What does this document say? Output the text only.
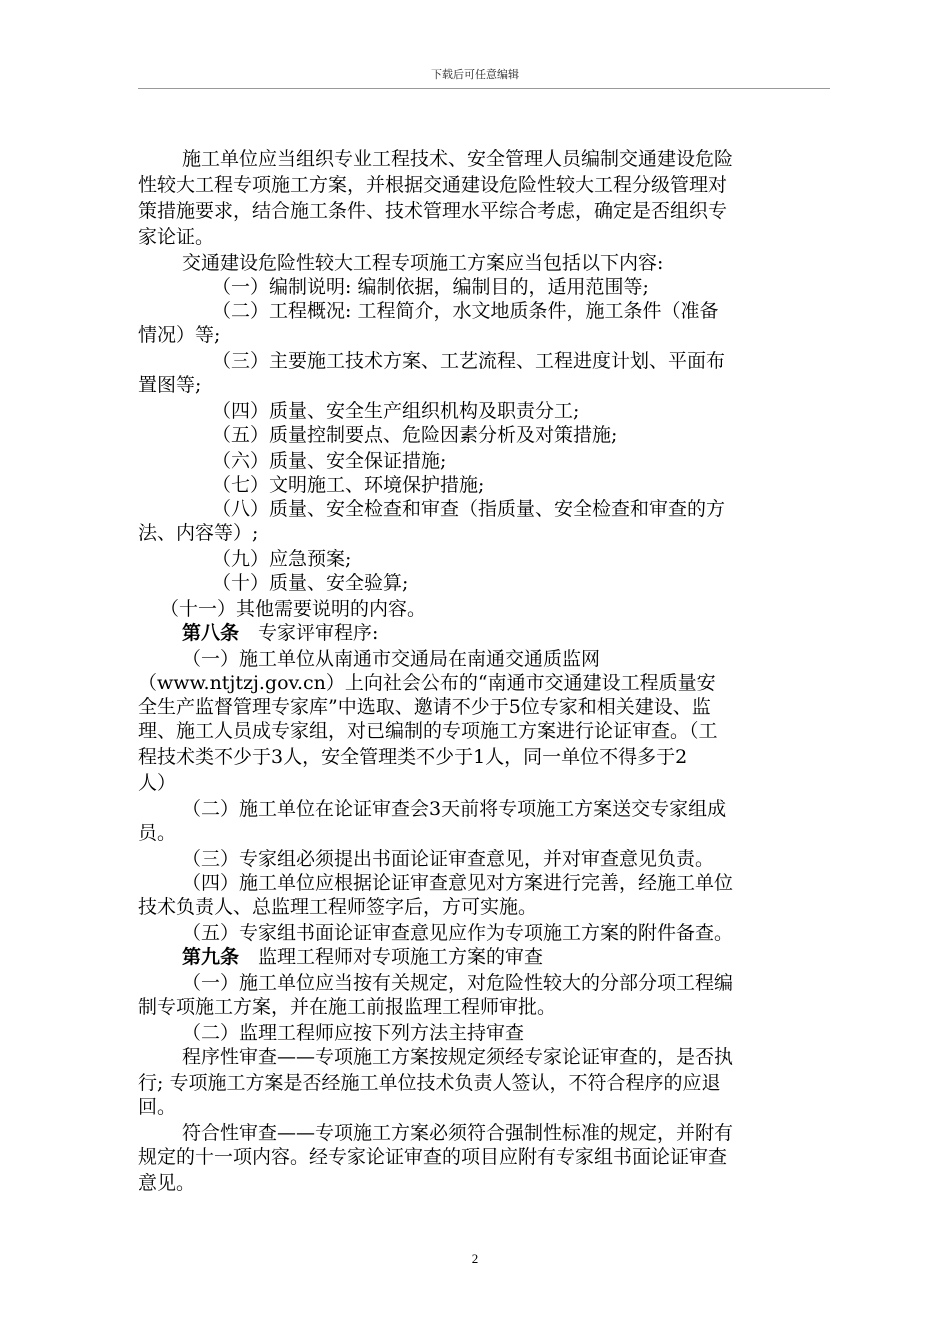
下载后可任意编辑
施工单位应当组织专业工程技术、安全管理人员编制交通建设危险
性较大工程专项施工方案，并根据交通建设危险性较大工程分级管理对
策措施要求，结合施工条件、技术管理水平综合考虑，确定是否组织专
家论证。
交通建设危险性较大工程专项施工方案应当包括以下内容:
（一）编制说明: 编制依据，编制目的，适用范围等;
（二）工程概况: 工程简介，水文地质条件，施工条件（准备
情况）等;
（三）主要施工技术方案、工艺流程、工程进度计划、平面布
置图等;
（四）质量、安全生产组织机构及职责分工;
（五）质量控制要点、危险因素分析及对策措施;
（六）质量、安全保证措施;
（七）文明施工、环境保护措施;
（八）质量、安全检查和审查（指质量、安全检查和审查的方
法、内容等）;
（九）应急预案;
（十）质量、安全验算;
（十一）其他需要说明的内容。
第八条　专家评审程序:
（一）施工单位从南通市交通局在南通交通质监网
（www.ntjtzj.gov.cn）上向社会公布的“南通市交通建设工程质量安
全生产监督管理专家库”中选取、邀请不少于5位专家和相关建设、监
理、施工人员成专家组，对已编制的专项施工方案进行论证审查。（工
程技术类不少于3人，安全管理类不少于1人，同一单位不得多于2
人）
（二）施工单位在论证审查会3天前将专项施工方案送交专家组成
员。
（三）专家组必须提出书面论证审查意见，并对审查意见负责。
（四）施工单位应根据论证审查意见对方案进行完善，经施工单位
技术负责人、总监理工程师签字后，方可实施。
（五）专家组书面论证审查意见应作为专项施工方案的附件备查。
第九条　监理工程师对专项施工方案的审查
（一）施工单位应当按有关规定，对危险性较大的分部分项工程编
制专项施工方案，并在施工前报监理工程师审批。
（二）监理工程师应按下列方法主持审查
程序性审查——专项施工方案按规定须经专家论证审查的，是否执
行; 专项施工方案是否经施工单位技术负责人签认，不符合程序的应退
回。
符合性审查——专项施工方案必须符合强制性标准的规定，并附有
规定的十一项内容。经专家论证审查的项目应附有专家组书面论证审查
意见。
2
